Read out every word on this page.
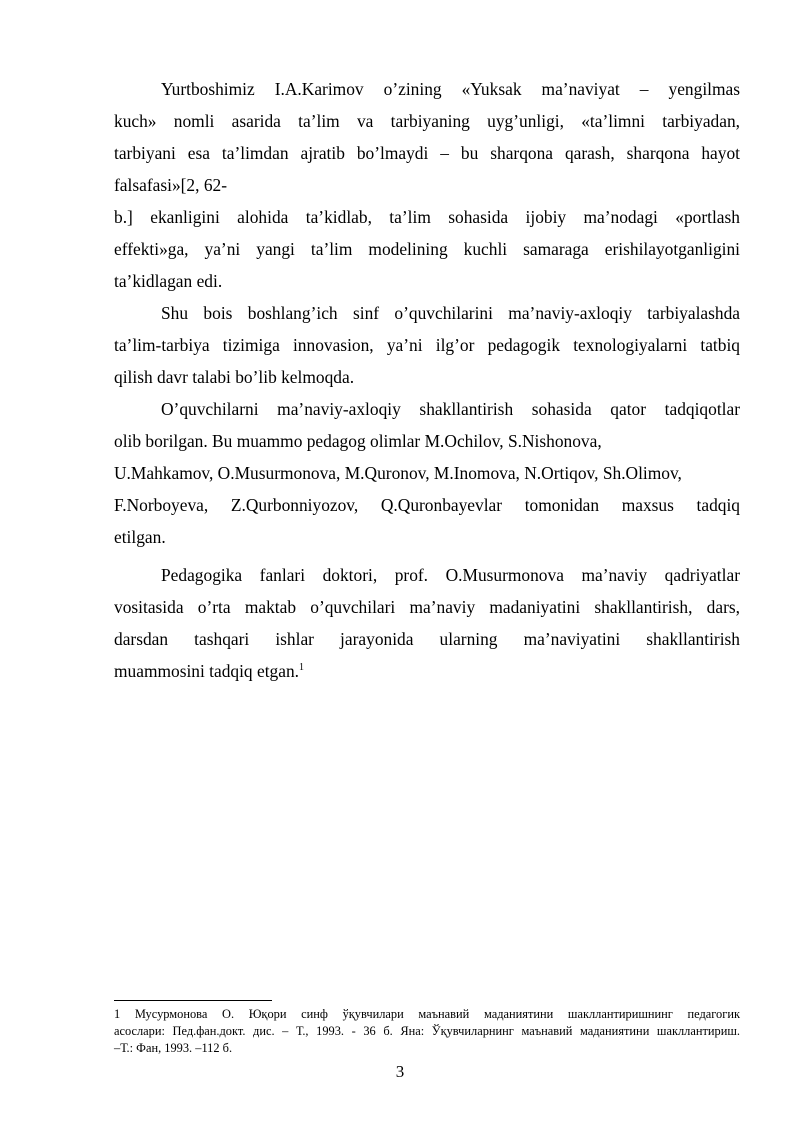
Yurtboshimiz I.A.Karimov o’zining «Yuksak ma’naviyat – yengilmas
kuch» nomli asarida ta’lim va tarbiyaning uyg’unligi, «ta’limni tarbiyadan,
tarbiyani esa ta’limdan ajratib bo’lmaydi – bu sharqona qarash, sharqona hayot
falsafasi»[2, 62-
b.] ekanligini alohida ta’kidlab, ta’lim sohasida ijobiy ma’nodagi «portlash
effekti»ga, ya’ni yangi ta’lim modelining kuchli samaraga erishilayotganligini
ta’kidlagan edi.
Shu bois boshlang’ich sinf o’quvchilarini ma’naviy-axloqiy tarbiyalashda
ta’lim-tarbiya tizimiga innovasion, ya’ni ilg’or pedagogik texnologiyalarni tatbiq
qilish davr talabi bo’lib kelmoqda.
O’quvchilarni ma’naviy-axloqiy shakllantirish sohasida qator tadqiqotlar
olib borilgan. Bu muammo pedagog olimlar M.Ochilov, S.Nishonova,
U.Mahkamov, O.Musurmonova, M.Quronov, M.Inomova, N.Ortiqov, Sh.Olimov,
F.Norboyeva, Z.Qurbonniyozov, Q.Quronbayevlar tomonidan maxsus tadqiq
etilgan.
Pedagogika fanlari doktori, prof. O.Musurmonova ma’naviy qadriyatlar
vositasida o’rta maktab o’quvchilari ma’naviy madaniyatini shakllantirish, dars,
darsdan tashqari ishlar jarayonida ularning ma’naviyatini shakllantirish
muammosini tadqiq etgan.$^1$
1 Мусурмонова О. Юқори синф ўқувчилари маънавий маданиятини шакллантиришнинг педагогик
асослари: Пед.фан.докт. дис. – Т., 1993. - 36 б. Яна: Ўқувчиларнинг маънавий маданиятини шакллантириш.
–Т.: Фан, 1993. –112 б.
3
